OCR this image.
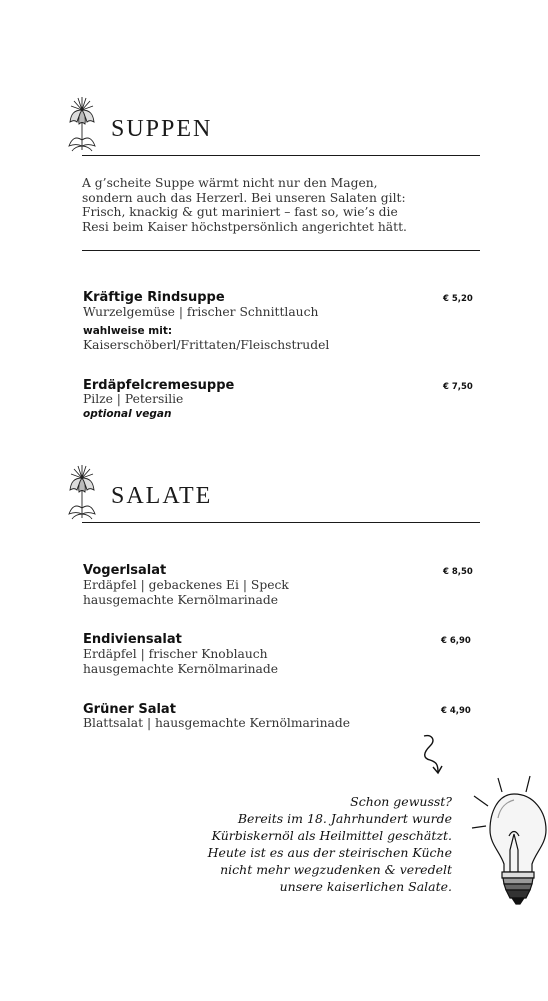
SUPPEN
A g’scheite Suppe wärmt nicht nur den Magen,
sondern auch das Herzerl. Bei unseren Salaten gilt:
Frisch, knackig & gut mariniert – fast so, wie’s die
Resi beim Kaiser höchstpersönlich angerichtet hätt.
Kräftige Rindsuppe	€ 5,20
Wurzelgemüse | frischer Schnittlauch
wahlweise mit:
Kaiserschöberl/Frittaten/Fleischstrudel
Erdäpfelcremesuppe	€ 7,50
Pilze | Petersilie
optional vegan
SALATE
Vogerlsalat	€ 8,50
Erdäpfel | gebackenes Ei | Speck
hausgemachte Kernölmarinade
Endiviensalat	€ 6,90
Erdäpfel | frischer Knoblauch
hausgemachte Kernölmarinade
Grüner Salat	€ 4,90
Blattsalat | hausgemachte Kernölmarinade
Schon gewusst?
Bereits im 18. Jahrhundert wurde
Kürbiskernöl als Heilmittel geschätzt.
Heute ist es aus der steirischen Küche
nicht mehr wegzudenken & veredelt
unsere kaiserlichen Salate.
